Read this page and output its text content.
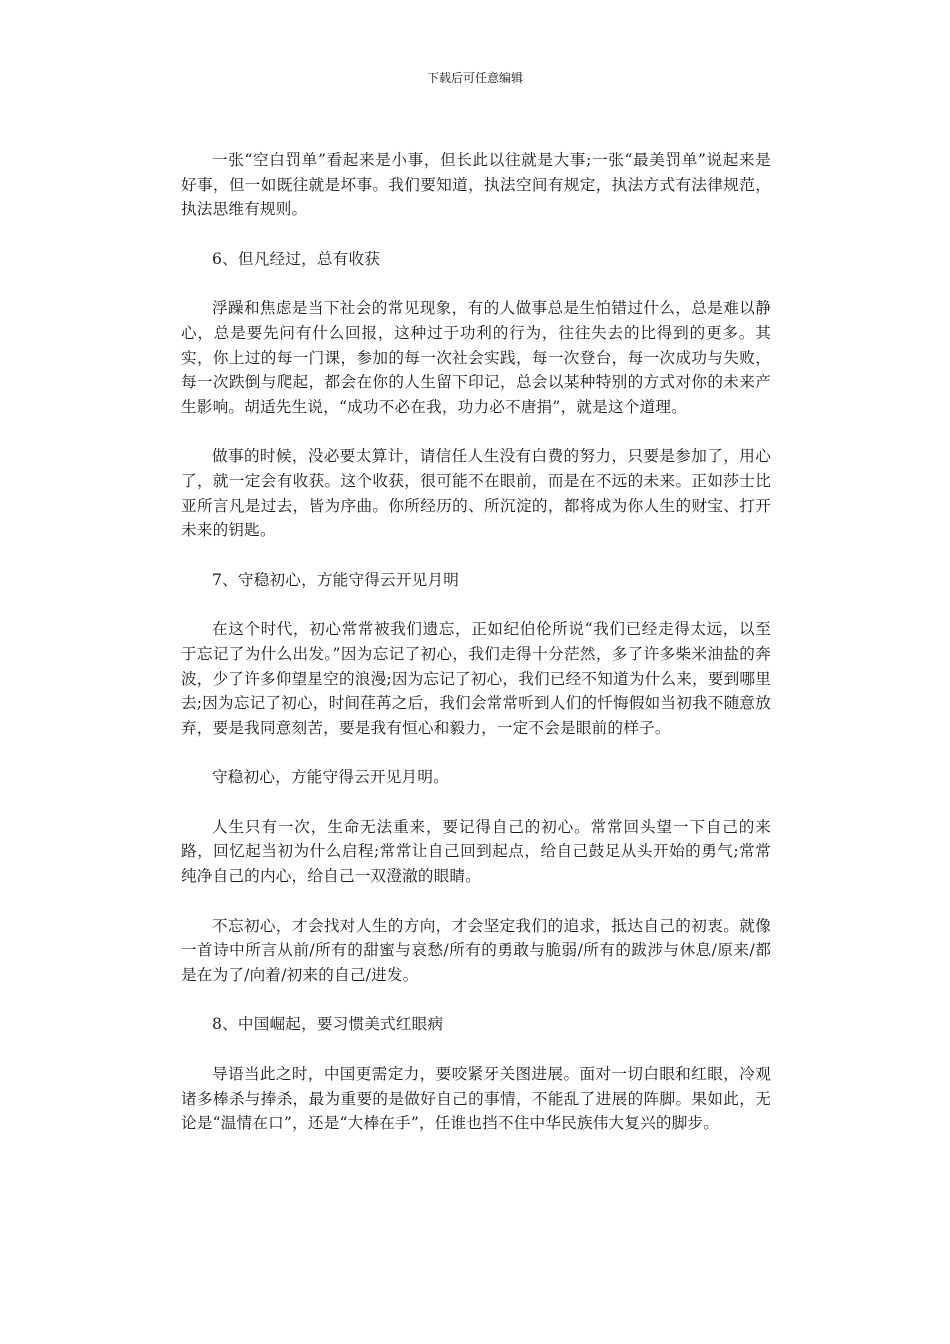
下载后可任意编辑

一张“空白罚单”看起来是小事，但长此以往就是大事;一张“最美罚单”说起来是好事，但一如既往就是坏事。我们要知道，执法空间有规定，执法方式有法律规范，执法思维有规则。

6、但凡经过，总有收获

浮躁和焦虑是当下社会的常见现象，有的人做事总是生怕错过什么，总是难以静心，总是要先问有什么回报，这种过于功利的行为，往往失去的比得到的更多。其实，你上过的每一门课，参加的每一次社会实践，每一次登台，每一次成功与失败，每一次跌倒与爬起，都会在你的人生留下印记，总会以某种特别的方式对你的未来产生影响。胡适先生说，“成功不必在我，功力必不唐捐”，就是这个道理。

做事的时候，没必要太算计，请信任人生没有白费的努力，只要是参加了，用心了，就一定会有收获。这个收获，很可能不在眼前，而是在不远的未来。正如莎士比亚所言凡是过去，皆为序曲。你所经历的、所沉淀的，都将成为你人生的财宝、打开未来的钥匙。

7、守稳初心，方能守得云开见月明

在这个时代，初心常常被我们遗忘，正如纪伯伦所说“我们已经走得太远，以至于忘记了为什么出发。”因为忘记了初心，我们走得十分茫然，多了许多柴米油盐的奔波，少了许多仰望星空的浪漫;因为忘记了初心，我们已经不知道为什么来，要到哪里去;因为忘记了初心，时间荏苒之后，我们会常常听到人们的忏悔假如当初我不随意放弃，要是我同意刻苦，要是我有恒心和毅力，一定不会是眼前的样子。

守稳初心，方能守得云开见月明。

人生只有一次，生命无法重来，要记得自己的初心。常常回头望一下自己的来路，回忆起当初为什么启程;常常让自己回到起点，给自己鼓足从头开始的勇气;常常纯净自己的内心，给自己一双澄澈的眼睛。

不忘初心，才会找对人生的方向，才会坚定我们的追求，抵达自己的初衷。就像一首诗中所言从前/所有的甜蜜与哀愁/所有的勇敢与脆弱/所有的跋涉与休息/原来/都是在为了/向着/初来的自己/进发。

8、中国崛起，要习惯美式红眼病

导语当此之时，中国更需定力，要咬紧牙关图进展。面对一切白眼和红眼，冷观诸多棒杀与捧杀，最为重要的是做好自己的事情，不能乱了进展的阵脚。果如此，无论是“温情在口”，还是“大棒在手”，任谁也挡不住中华民族伟大复兴的脚步。
